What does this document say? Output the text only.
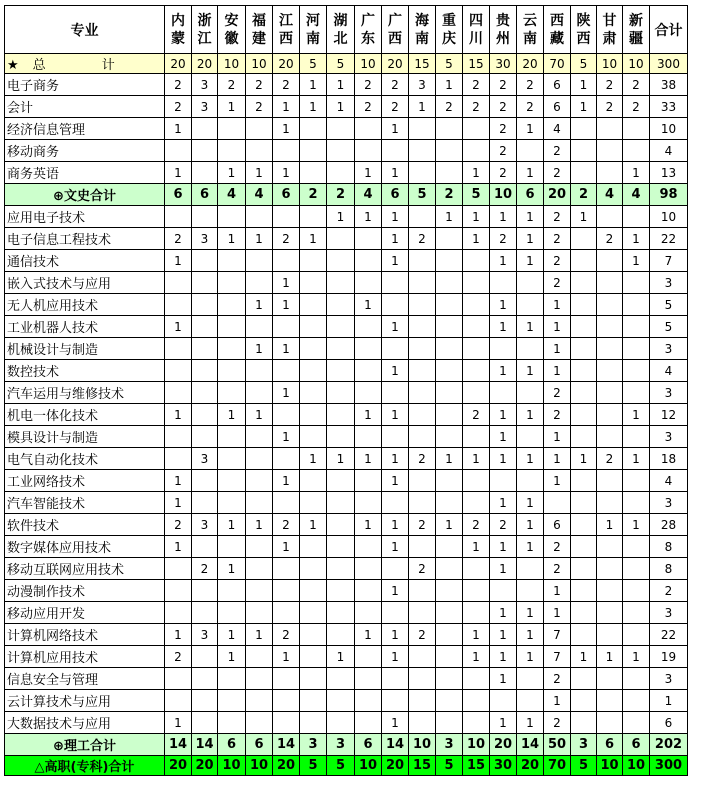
专业	内蒙	浙江	安徽	福建	江西	河南	湖北	广东	广西	海南	重庆	四川	贵州	云南	西藏	陕西	甘肃	新疆	合计
★ 总 计	20	20	10	10	20	5	5	10	20	15	5	15	30	20	70	5	10	10	300
电子商务	2	3	2	2	2	1	1	2	2	3	1	2	2	2	6	1	2	2	38
会计	2	3	1	2	1	1	1	2	2	1	2	2	2	2	6	1	2	2	33
经济信息管理	1				1				1				2	1	4				10
移动商务													2		2				4
商务英语	1		1	1	1			1	1			1	2	1	2			1	13
⊕文史合计	6	6	4	4	6	2	2	4	6	5	2	5	10	6	20	2	4	4	98
应用电子技术							1	1	1		1	1	1	1	2	1			10
电子信息工程技术	2	3	1	1	2	1			1	2		1	2	1	2		2	1	22
通信技术	1								1				1	1	2			1	7
嵌入式技术与应用					1										2				3
无人机应用技术				1	1			1					1		1				5
工业机器人技术	1								1				1	1	1				5
机械设计与制造				1	1										1				3
数控技术									1				1	1	1				4
汽车运用与维修技术					1										2				3
机电一体化技术	1		1	1				1	1			2	1	1	2			1	12
模具设计与制造					1								1		1				3
电气自动化技术		3				1	1	1	1	2	1	1	1	1	1	1	2	1	18
工业网络技术	1				1				1						1				4
汽车智能技术	1												1	1					3
软件技术	2	3	1	1	2	1		1	1	2	1	2	2	1	6		1	1	28
数字媒体应用技术	1				1				1			1	1	1	2				8
移动互联网应用技术		2	1							2			1		2				8
动漫制作技术									1						1				2
移动应用开发													1	1	1				3
计算机网络技术	1	3	1	1	2			1	1	2		1	1	1	7				22
计算机应用技术	2		1		1		1		1			1	1	1	7	1	1	1	19
信息安全与管理													1		2				3
云计算技术与应用															1				1
大数据技术与应用	1								1				1	1	2				6
⊕理工合计	14	14	6	6	14	3	3	6	14	10	3	10	20	14	50	3	6	6	202
△高职(专科)合计	20	20	10	10	20	5	5	10	20	15	5	15	30	20	70	5	10	10	300
